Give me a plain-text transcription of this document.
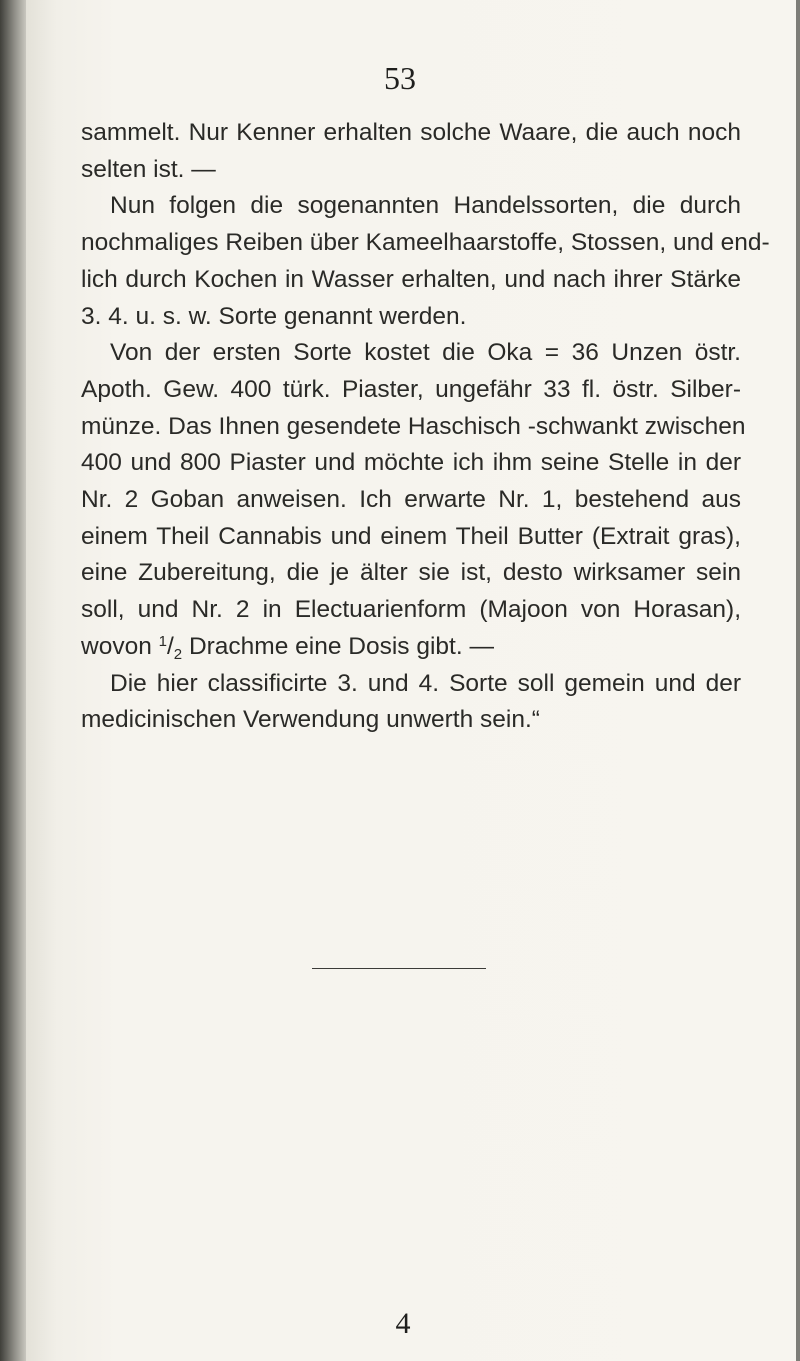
53
sammelt. Nur Kenner erhalten solche Waare, die auch noch
selten ist. —
Nun folgen die sogenannten Handelssorten, die durch
nochmaliges Reiben über Kameelhaarstoffe, Stossen, und end-
lich durch Kochen in Wasser erhalten, und nach ihrer Stärke
3. 4. u. s. w. Sorte genannt werden.
Von der ersten Sorte kostet die Oka = 36 Unzen östr.
Apoth. Gew. 400 türk. Piaster, ungefähr 33 fl. östr. Silber-
münze. Das Ihnen gesendete Haschisch -schwankt zwischen
400 und 800 Piaster und möchte ich ihm seine Stelle in der
Nr. 2 Goban anweisen. Ich erwarte Nr. 1, bestehend aus
einem Theil Cannabis und einem Theil Butter (Extrait gras),
eine Zubereitung, die je älter sie ist, desto wirksamer sein
soll, und Nr. 2 in Electuarienform (Majoon von Horasan),
wovon $^1/_2$ Drachme eine Dosis gibt. —
Die hier classificirte 3. und 4. Sorte soll gemein und der
medicinischen Verwendung unwerth sein.“
4
